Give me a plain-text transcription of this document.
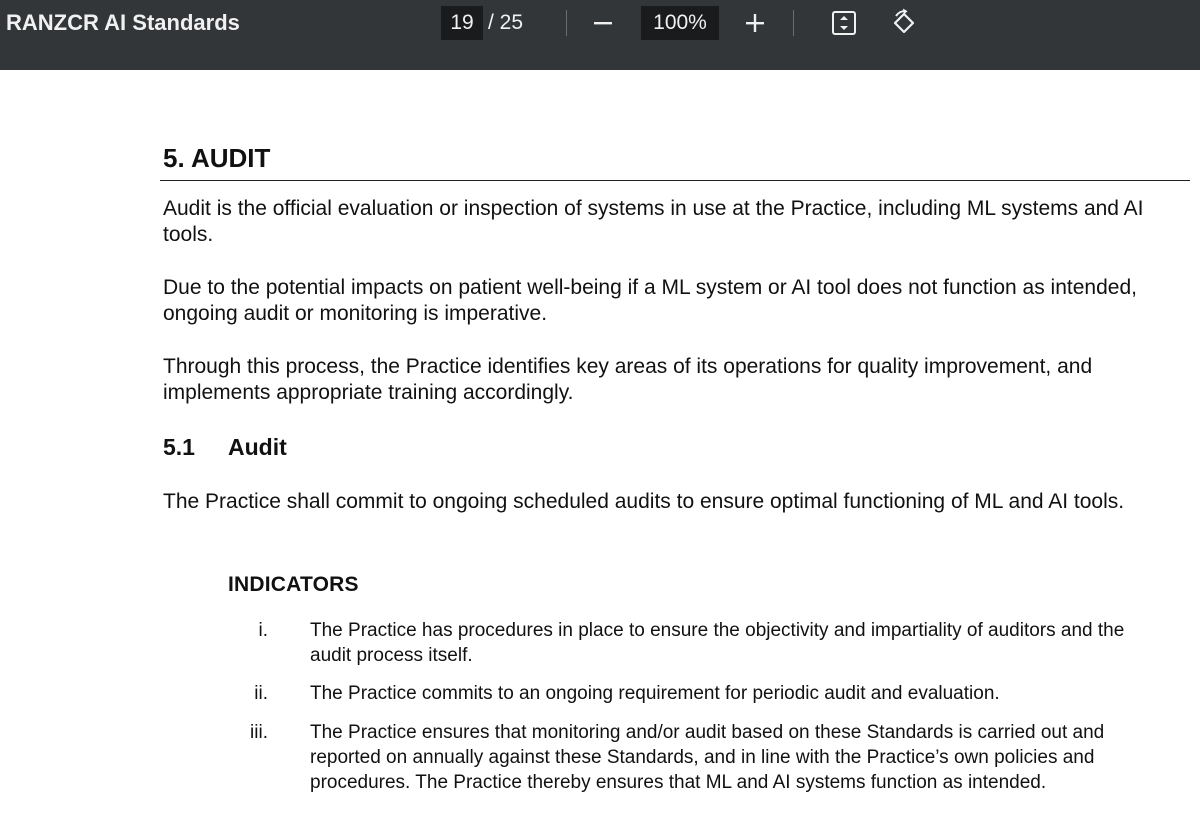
RANZCR AI Standards	19 / 25	100%
5. AUDIT
Audit is the official evaluation or inspection of systems in use at the Practice, including ML systems and AI tools.
Due to the potential impacts on patient well-being if a ML system or AI tool does not function as intended, ongoing audit or monitoring is imperative.
Through this process, the Practice identifies key areas of its operations for quality improvement, and implements appropriate training accordingly.
5.1 Audit
The Practice shall commit to ongoing scheduled audits to ensure optimal functioning of ML and AI tools.
INDICATORS
i. The Practice has procedures in place to ensure the objectivity and impartiality of auditors and the audit process itself.
ii. The Practice commits to an ongoing requirement for periodic audit and evaluation.
iii. The Practice ensures that monitoring and/or audit based on these Standards is carried out and reported on annually against these Standards, and in line with the Practice’s own policies and procedures. The Practice thereby ensures that ML and AI systems function as intended.
